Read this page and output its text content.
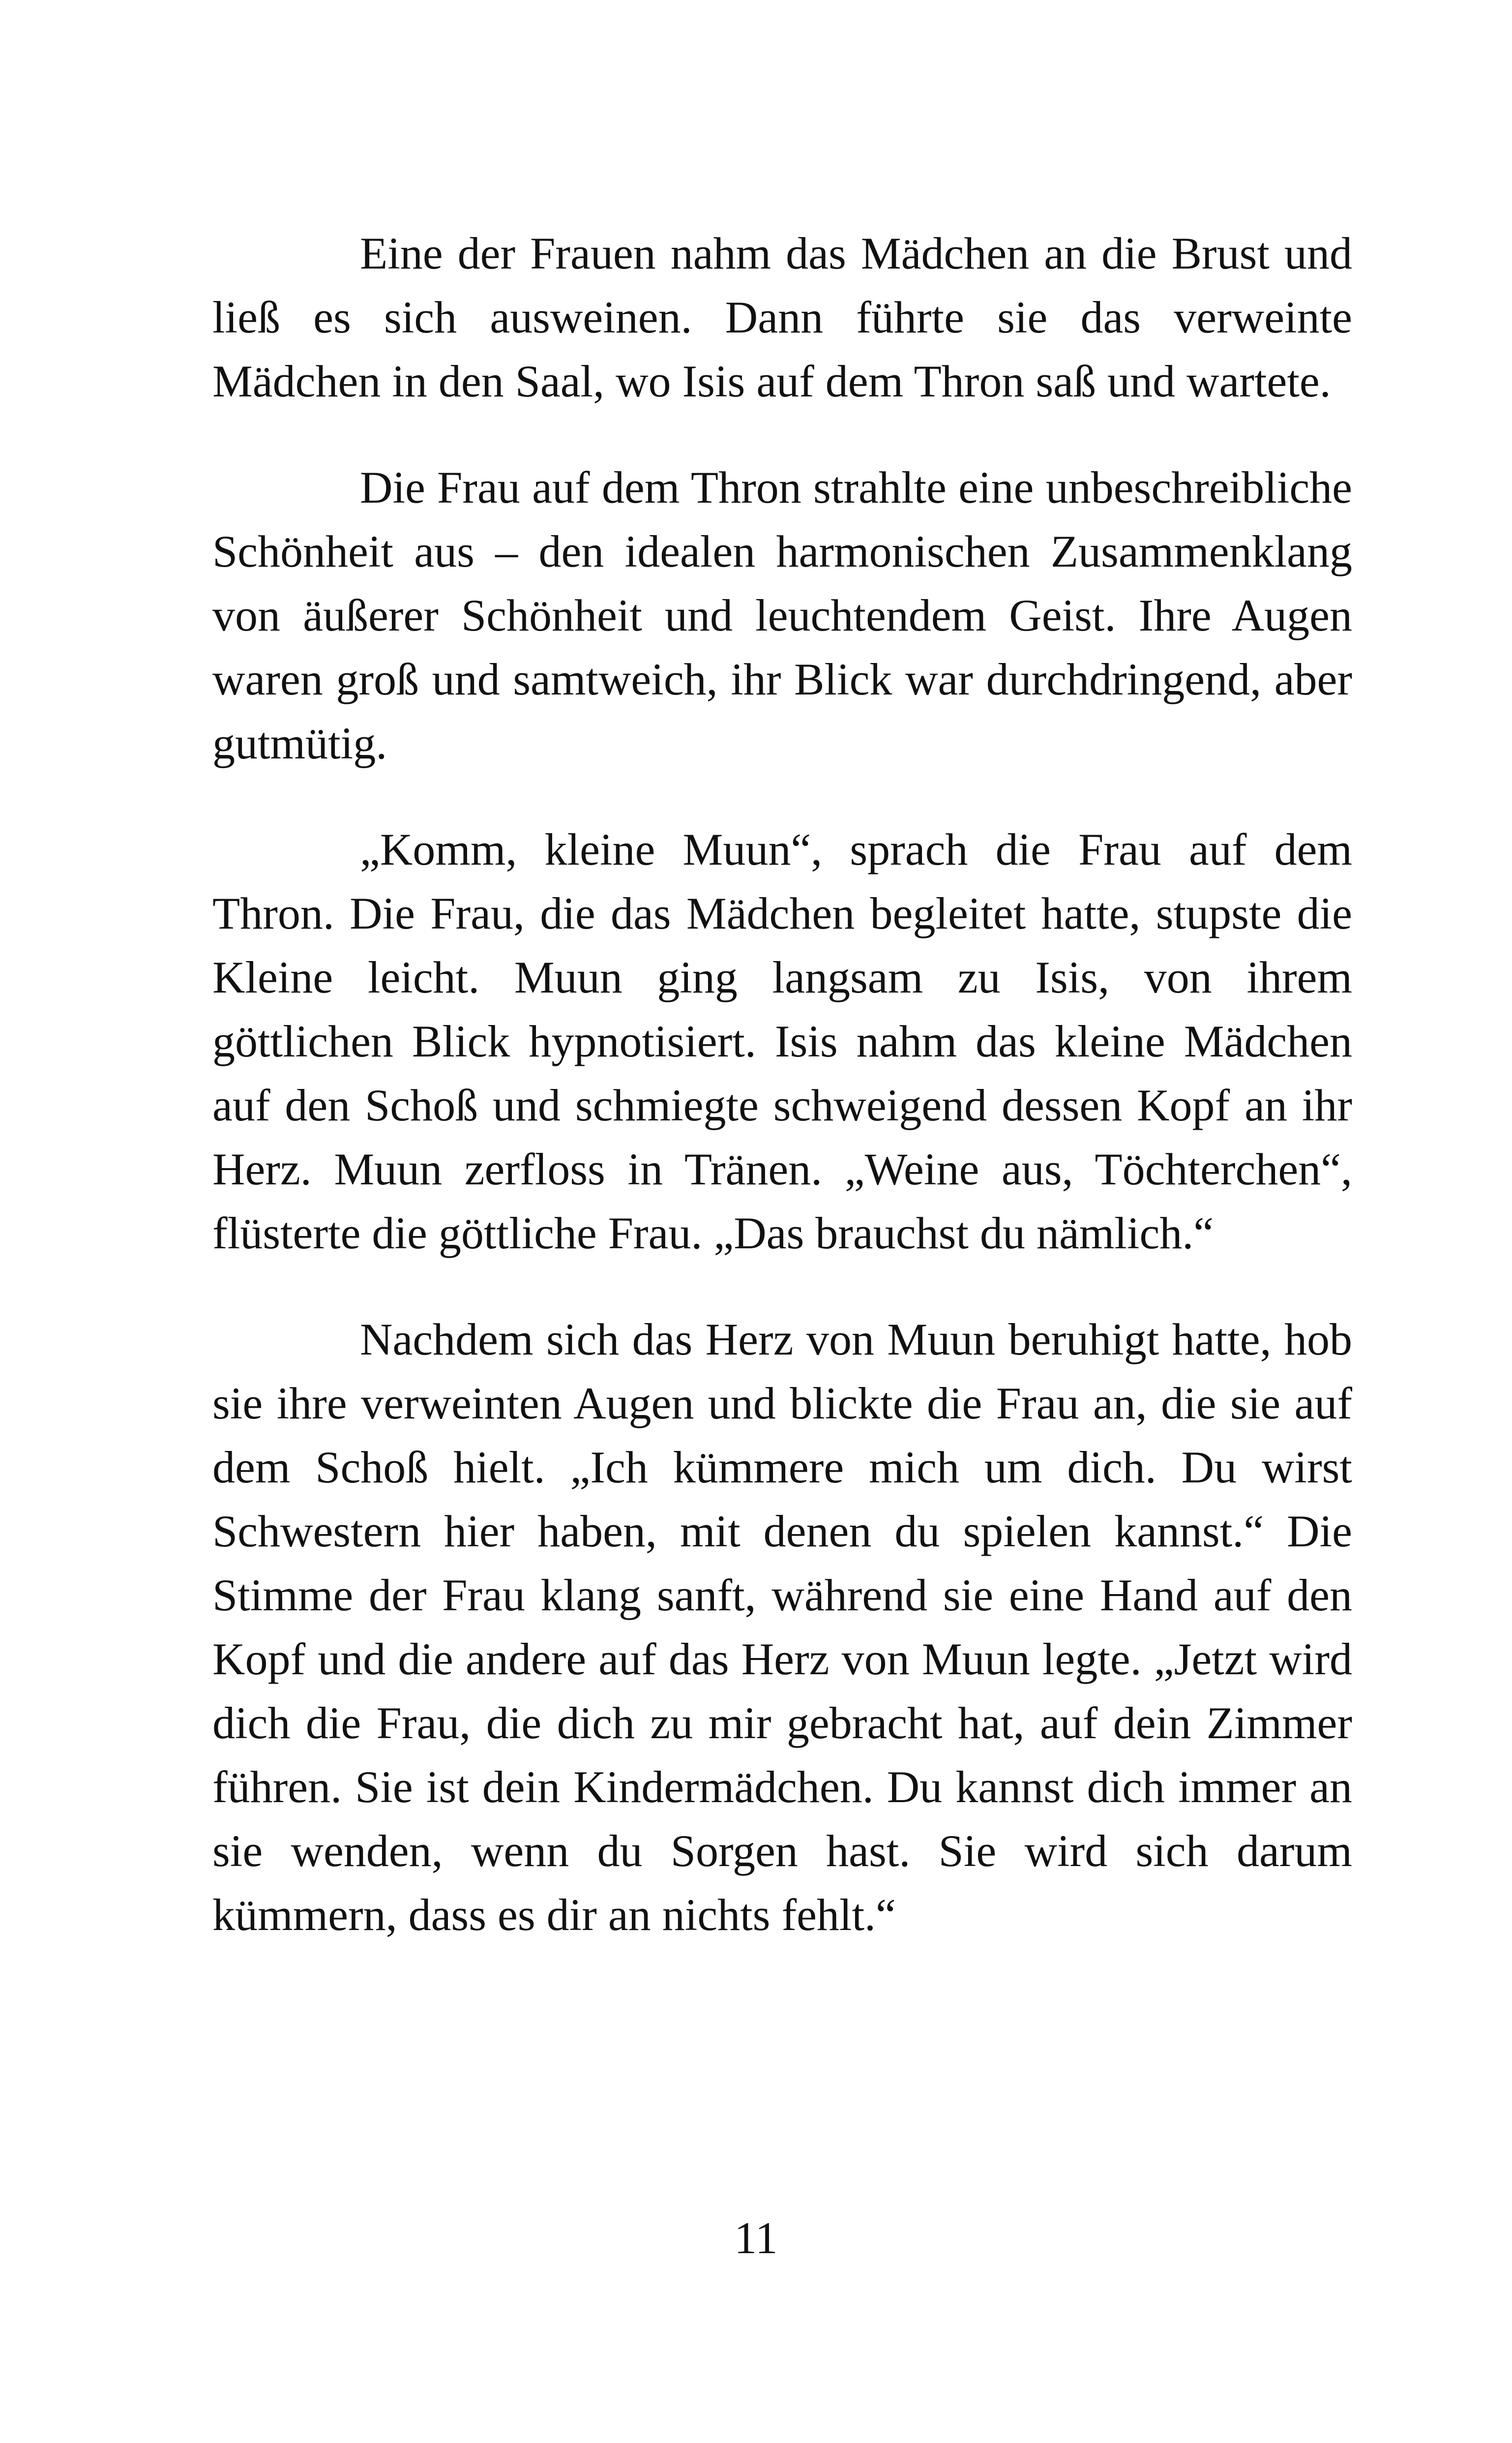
Eine der Frauen nahm das Mädchen an die Brust und ließ es sich ausweinen. Dann führte sie das verweinte Mädchen in den Saal, wo Isis auf dem Thron saß und wartete.

Die Frau auf dem Thron strahlte eine unbeschreibliche Schönheit aus – den idealen harmonischen Zusammenklang von äußerer Schönheit und leuchtendem Geist. Ihre Augen waren groß und samtweich, ihr Blick war durchdringend, aber gutmütig.

„Komm, kleine Muun“, sprach die Frau auf dem Thron. Die Frau, die das Mädchen begleitet hatte, stupste die Kleine leicht. Muun ging langsam zu Isis, von ihrem göttlichen Blick hypnotisiert. Isis nahm das kleine Mädchen auf den Schoß und schmiegte schweigend dessen Kopf an ihr Herz. Muun zerfloss in Tränen. „Weine aus, Töchterchen“, flüsterte die göttliche Frau. „Das brauchst du nämlich.“

Nachdem sich das Herz von Muun beruhigt hatte, hob sie ihre verweinten Augen und blickte die Frau an, die sie auf dem Schoß hielt. „Ich kümmere mich um dich. Du wirst Schwestern hier haben, mit denen du spielen kannst.“ Die Stimme der Frau klang sanft, während sie eine Hand auf den Kopf und die andere auf das Herz von Muun legte. „Jetzt wird dich die Frau, die dich zu mir gebracht hat, auf dein Zimmer führen. Sie ist dein Kindermädchen. Du kannst dich immer an sie wenden, wenn du Sorgen hast. Sie wird sich darum kümmern, dass es dir an nichts fehlt.“

11
